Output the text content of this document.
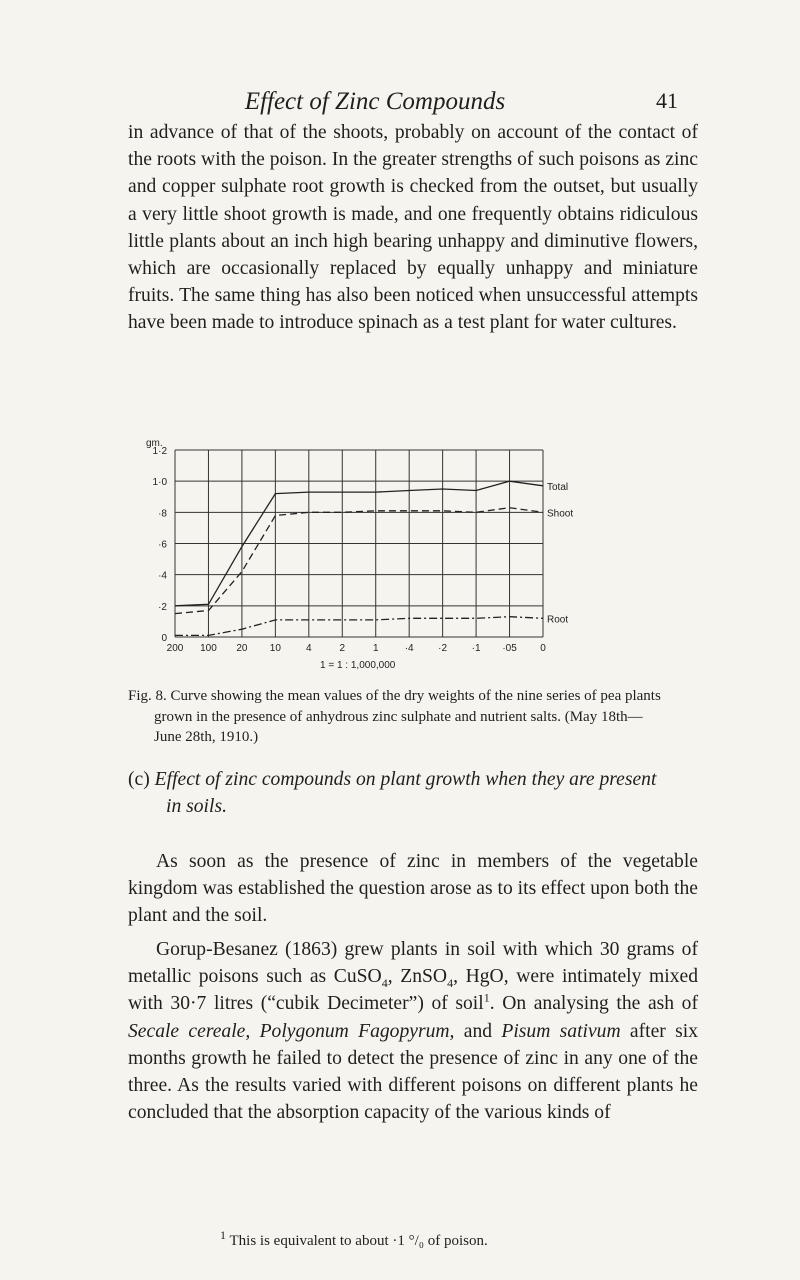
Effect of Zinc Compounds	41

in advance of that of the shoots, probably on account of the contact of the roots with the poison. In the greater strengths of such poisons as zinc and copper sulphate root growth is checked from the outset, but usually a very little shoot growth is made, and one frequently obtains ridiculous little plants about an inch high bearing unhappy and diminutive flowers, which are occasionally replaced by equally unhappy and miniature fruits. The same thing has also been noticed when unsuccessful attempts have been made to introduce spinach as a test plant for water cultures.

gm.
1 = 1 : 1,000,000
0
·2
·4
·6
·8
1·0
1·2
200 100 20 10	4	2	1	·4 ·2 ·1 ·05 0
Total
Shoot
Root

Fig. 8. Curve showing the mean values of the dry weights of the nine series of pea plants
grown in the presence of anhydrous zinc sulphate and nutrient salts. (May 18th—
June 28th, 1910.)

(c) Effect of zinc compounds on plant growth when they are present
in soils.

As soon as the presence of zinc in members of the vegetable kingdom was established the question arose as to its effect upon both the plant and the soil.

Gorup-Besanez (1863) grew plants in soil with which 30 grams of metallic poisons such as CuSO$_4$, ZnSO$_4$, HgO, were intimately mixed with 30·7 litres (“cubik Decimeter”) of soil$^1$. On analysing the ash of Secale cereale, Polygonum Fagopyrum, and Pisum sativum after six months growth he failed to detect the presence of zinc in any one of the three. As the results varied with different poisons on different plants he concluded that the absorption capacity of the various kinds of

$^1$ This is equivalent to about ·1 °/₀ of poison.
